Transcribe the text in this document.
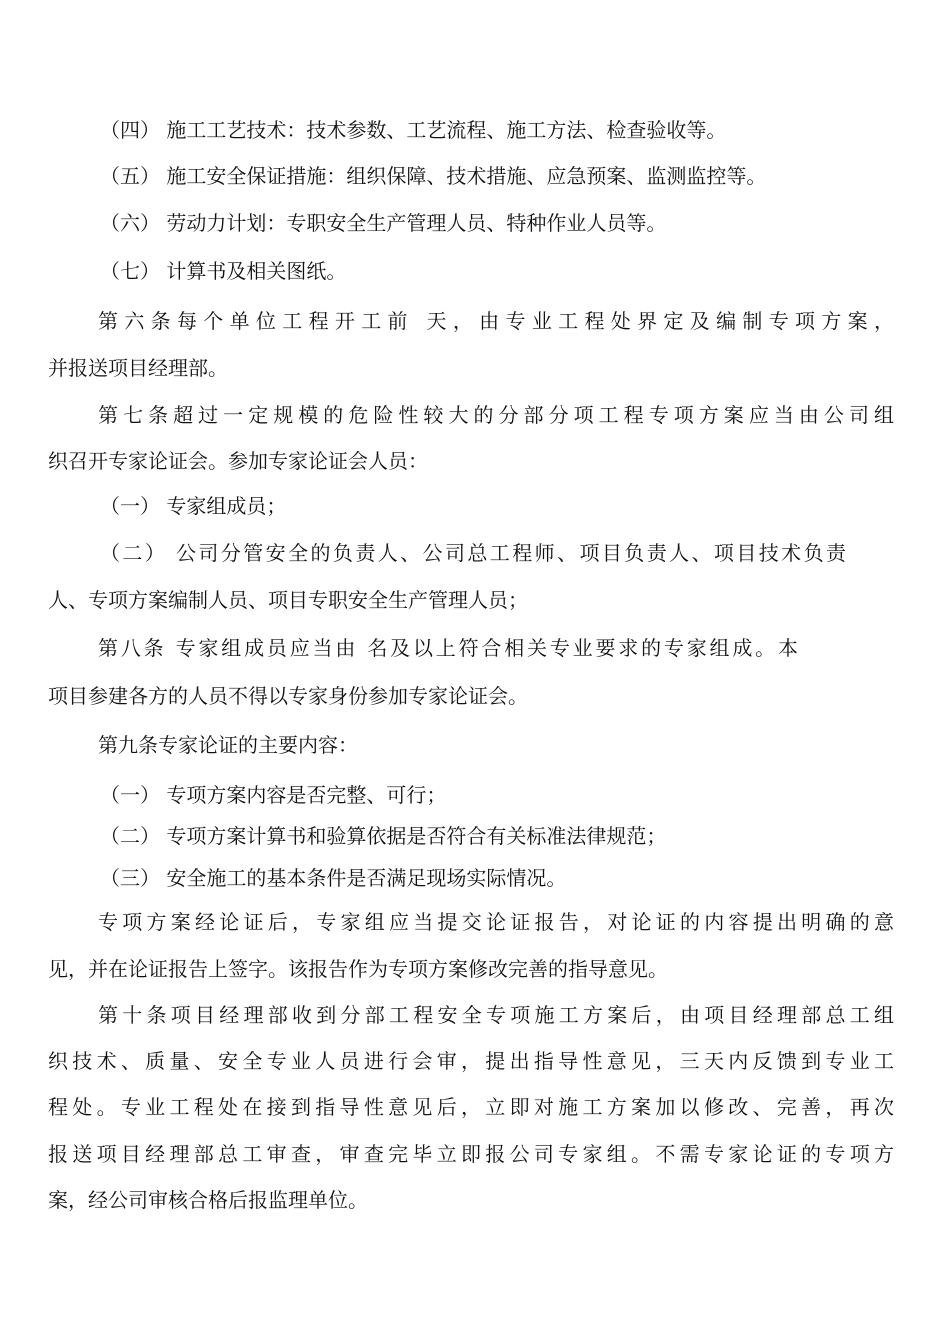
（四） 施工工艺技术：技术参数、工艺流程、施工方法、检查验收等。
（五） 施工安全保证措施：组织保障、技术措施、应急预案、监测监控等。
（六） 劳动力计划：专职安全生产管理人员、特种作业人员等。
（七） 计算书及相关图纸。
第六条每个单位工程开工前 天，由专业工程处界定及编制专项方案，
并报送项目经理部。
第七条超过一定规模的危险性较大的分部分项工程专项方案应当由公司组
织召开专家论证会。参加专家论证会人员：
（一） 专家组成员；
（二） 公司分管安全的负责人、公司总工程师、项目负责人、项目技术负责
人、专项方案编制人员、项目专职安全生产管理人员；
第八条 专家组成员应当由 名及以上符合相关专业要求的专家组成。本
项目参建各方的人员不得以专家身份参加专家论证会。
第九条专家论证的主要内容：
（一） 专项方案内容是否完整、可行；
（二） 专项方案计算书和验算依据是否符合有关标准法律规范；
（三） 安全施工的基本条件是否满足现场实际情况。
专项方案经论证后，专家组应当提交论证报告，对论证的内容提出明确的意
见，并在论证报告上签字。该报告作为专项方案修改完善的指导意见。
第十条项目经理部收到分部工程安全专项施工方案后，由项目经理部总工组
织技术、质量、安全专业人员进行会审，提出指导性意见，三天内反馈到专业工
程处。专业工程处在接到指导性意见后，立即对施工方案加以修改、完善，再次
报送项目经理部总工审查，审查完毕立即报公司专家组。不需专家论证的专项方
案，经公司审核合格后报监理单位。
